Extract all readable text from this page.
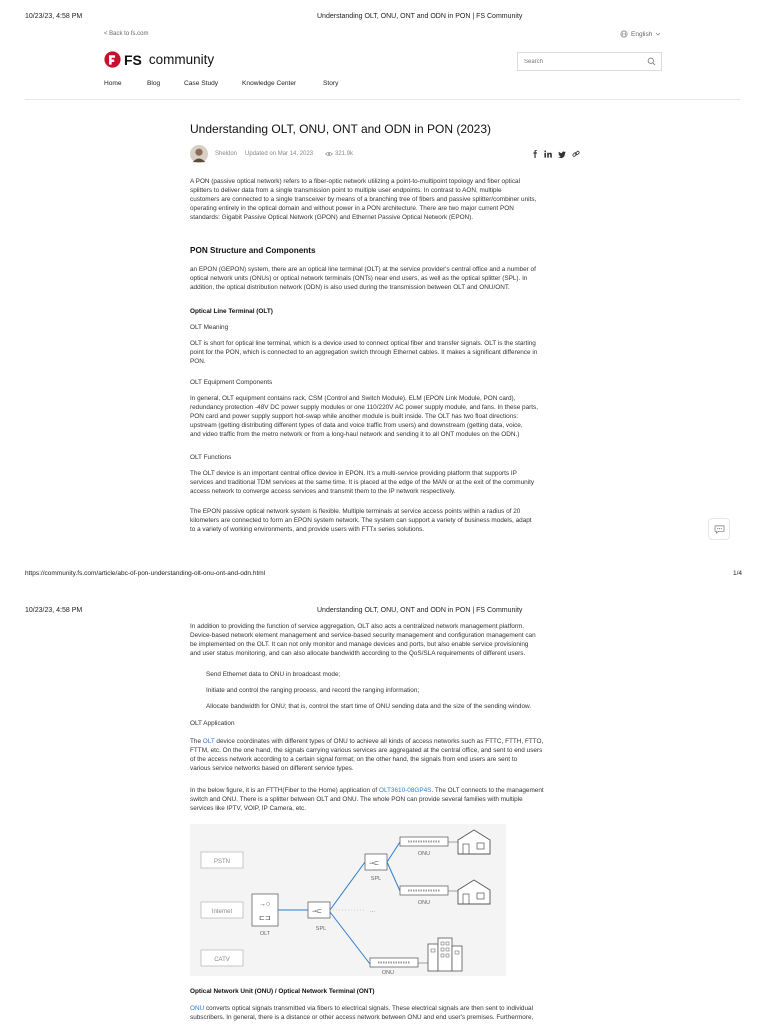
10/23/23, 4:58 PM	Understanding OLT, ONU, ONT and ODN in PON | FS Community
< Back to fs.com	English
FS community
Search
Home	Blog	Case Study	Knowledge Center	Story
Understanding OLT, ONU, ONT and ODN in PON (2023)
Sheldon Updated on Mar 14, 2023	321.9k

A PON (passive optical network) refers to a fiber-optic network utilizing a point-to-multipoint topology and fiber optical

splitters to deliver data from a single transmission point to multiple user endpoints. In contrast to AON, multiple

customers are connected to a single transceiver by means of a branching tree of fibers and passive splitter/combiner units,

operating entirely in the optical domain and without power in a PON architecture. There are two major current PON

standards: Gigabit Passive Optical Network (GPON) and Ethernet Passive Optical Network (EPON).

PON Structure and Components

an EPON (GEPON) system, there are an optical line terminal (OLT) at the service provider's central office and a number of

optical network units (ONUs) or optical network terminals (ONTs) near end users, as well as the optical splitter (SPL). In

addition, the optical distribution network (ODN) is also used during the transmission between OLT and ONU/ONT.

Optical Line Terminal (OLT)
OLT Meaning

OLT is short for optical line terminal, which is a device used to connect optical fiber and transfer signals. OLT is the starting

point for the PON, which is connected to an aggregation switch through Ethernet cables. It makes a significant difference in

PON.

OLT Equipment Components

In general, OLT equipment contains rack, CSM (Control and Switch Module), ELM (EPON Link Module, PON card),

redundancy protection -48V DC power supply modules or one 110/220V AC power supply module, and fans. In these parts,

PON card and power supply support hot-swap while another module is built inside. The OLT has two float directions:

upstream (getting distributing different types of data and voice traffic from users) and downstream (getting data, voice,

and video traffic from the metro network or from a long-haul network and sending it to all ONT modules on the ODN.)

OLT Functions

The OLT device is an important central office device in EPON. It's a multi-service providing platform that supports IP

services and traditional TDM services at the same time. It is placed at the edge of the MAN or at the exit of the community

access network to converge access services and transmit them to the IP network respectively.

The EPON passive optical network system is flexible. Multiple terminals at service access points within a radius of 20

kilometers are connected to form an EPON system network. The system can support a variety of business models, adapt

to a variety of working environments, and provide users with FTTx series solutions.

https://community.fs.com/article/abc-of-pon-understanding-olt-onu-ont-and-odn.html	1/4
10/23/23, 4:58 PM	Understanding OLT, ONU, ONT and ODN in PON | FS Community

In addition to providing the function of service aggregation, OLT also acts a centralized network management platform.

Device-based network element management and service-based security management and configuration management can

be implemented on the OLT. It can not only monitor and manage devices and ports, but also enable service provisioning

and user status monitoring, and can also allocate bandwidth according to the QoS/SLA requirements of different users.

Send Ethernet data to ONU in broadcast mode;
Initiate and control the ranging process, and record the ranging information;
Allocate bandwidth for ONU; that is, control the start time of ONU sending data and the size of the sending window.
OLT Application

The OLT device coordinates with different types of ONU to achieve all kinds of access networks such as FTTC, FTTH, FTTO,

FTTM, etc. On the one hand, the signals carrying various services are aggregated at the central office, and sent to end users

of the access network according to a certain signal format; on the other hand, the signals from end users are sent to

various service networks based on different service types.

In the below figure, it is an FTTH(Fiber to the Home) application of OLT3610-08GP4S. The OLT connects to the management

switch and ONU. There is a splitter between OLT and ONU. The whole PON can provide several families with multiple

services like IPTV, VOIP, IP Camera, etc.

PSTN
Internet
CATV
→○
⊏⊐
OLT
⊸⊏
SPL
...
⊸⊏
SPL
ONU
ONU
ONU
Optical Network Unit (ONU) / Optical Network Terminal (ONT)

ONU converts optical signals transmitted via fibers to electrical signals. These electrical signals are then sent to individual

subscribers. In general, there is a distance or other access network between ONU and end user's premises. Furthermore,
